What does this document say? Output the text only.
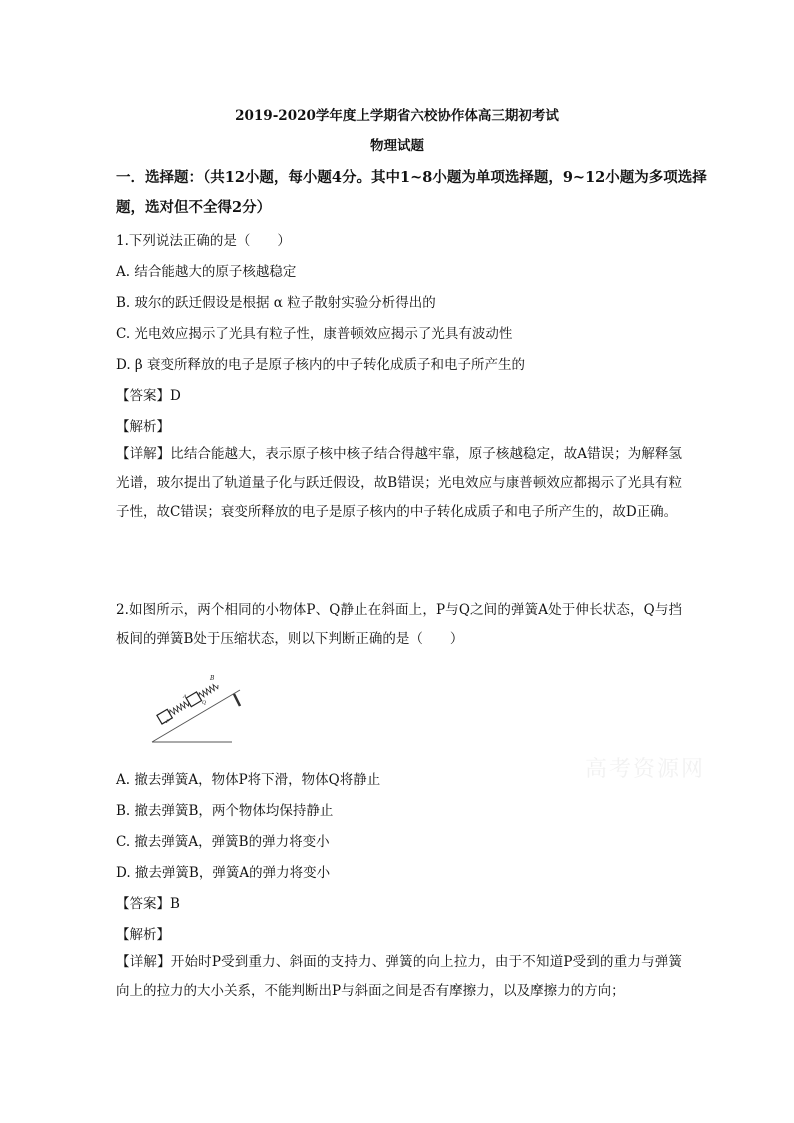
2019-2020学年度上学期省六校协作体高三期初考试
物理试题
一．选择题：（共12小题，每小题4分。其中1~8小题为单项选择题，9~12小题为多项选择
题，选对但不全得2分）
1.下列说法正确的是（　　）
A. 结合能越大的原子核越稳定
B. 玻尔的跃迁假设是根据 α 粒子散射实验分析得出的
C. 光电效应揭示了光具有粒子性，康普顿效应揭示了光具有波动性
D. β 衰变所释放的电子是原子核内的中子转化成质子和电子所产生的
【答案】D
【解析】
【详解】比结合能越大，表示原子核中核子结合得越牢靠，原子核越稳定，故A错误；为解释氢光谱，玻尔提出了轨道量子化与跃迁假设，故B错误；光电效应与康普顿效应都揭示了光具有粒子性，故C错误；衰变所释放的电子是原子核内的中子转化成质子和电子所产生的，故D正确。
2.如图所示，两个相同的小物体P、Q静止在斜面上，P与Q之间的弹簧A处于伸长状态，Q与挡板间的弹簧B处于压缩状态，则以下判断正确的是（　　）
P
Q
A
B
高考资源网
A. 撤去弹簧A，物体P将下滑，物体Q将静止
B. 撤去弹簧B，两个物体均保持静止
C. 撤去弹簧A，弹簧B的弹力将变小
D. 撤去弹簧B，弹簧A的弹力将变小
【答案】B
【解析】
【详解】开始时P受到重力、斜面的支持力、弹簧的向上拉力，由于不知道P受到的重力与弹簧向上的拉力的大小关系，不能判断出P与斜面之间是否有摩擦力，以及摩擦力的方向；
